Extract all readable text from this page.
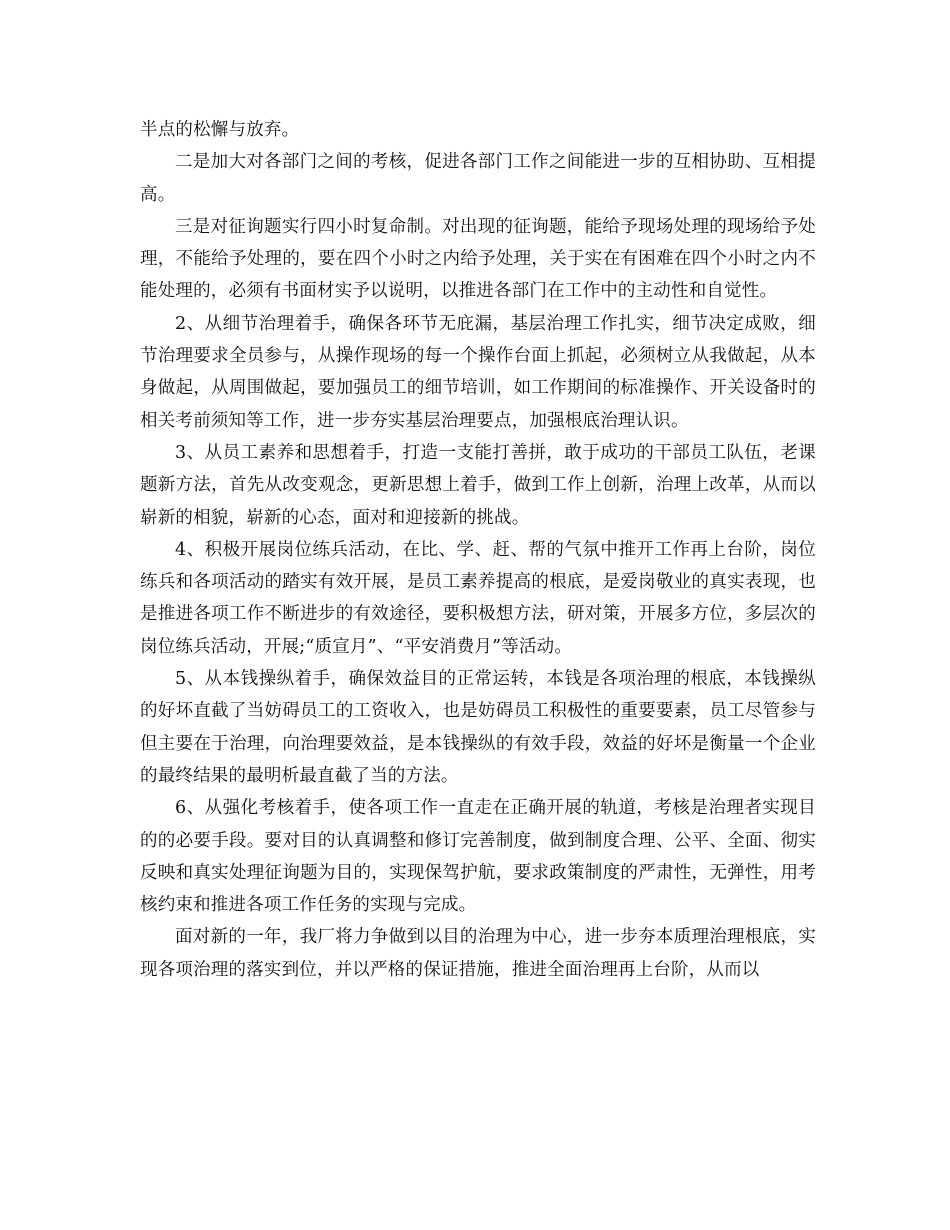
半点的松懈与放弃。

二是加大对各部门之间的考核，促进各部门工作之间能进一步的互相协助、互相提高。

三是对征询题实行四小时复命制。对出现的征询题，能给予现场处理的现场给予处理，不能给予处理的，要在四个小时之内给予处理，关于实在有困难在四个小时之内不能处理的，必须有书面材实予以说明，以推进各部门在工作中的主动性和自觉性。

2、从细节治理着手，确保各环节无庇漏，基层治理工作扎实，细节决定成败，细节治理要求全员参与，从操作现场的每一个操作台面上抓起，必须树立从我做起，从本身做起，从周围做起，要加强员工的细节培训，如工作期间的标准操作、开关设备时的相关考前须知等工作，进一步夯实基层治理要点，加强根底治理认识。

3、从员工素养和思想着手，打造一支能打善拼，敢于成功的干部员工队伍，老课题新方法，首先从改变观念，更新思想上着手，做到工作上创新，治理上改革，从而以崭新的相貌，崭新的心态，面对和迎接新的挑战。

4、积极开展岗位练兵活动，在比、学、赶、帮的气氛中推开工作再上台阶，岗位练兵和各项活动的踏实有效开展，是员工素养提高的根底，是爱岗敬业的真实表现，也是推进各项工作不断进步的有效途径，要积极想方法，研对策，开展多方位，多层次的岗位练兵活动，开展;“质宣月”、“平安消费月”等活动。

5、从本钱操纵着手，确保效益目的正常运转，本钱是各项治理的根底，本钱操纵的好坏直截了当妨碍员工的工资收入，也是妨碍员工积极性的重要要素，员工尽管参与但主要在于治理，向治理要效益，是本钱操纵的有效手段，效益的好坏是衡量一个企业的最终结果的最明析最直截了当的方法。

6、从强化考核着手，使各项工作一直走在正确开展的轨道，考核是治理者实现目的的必要手段。要对目的认真调整和修订完善制度，做到制度合理、公平、全面、彻实反映和真实处理征询题为目的，实现保驾护航，要求政策制度的严肃性，无弹性，用考核约束和推进各项工作任务的实现与完成。

面对新的一年，我厂将力争做到以目的治理为中心，进一步夯本质理治理根底，实现各项治理的落实到位，并以严格的保证措施，推进全面治理再上台阶，从而以
